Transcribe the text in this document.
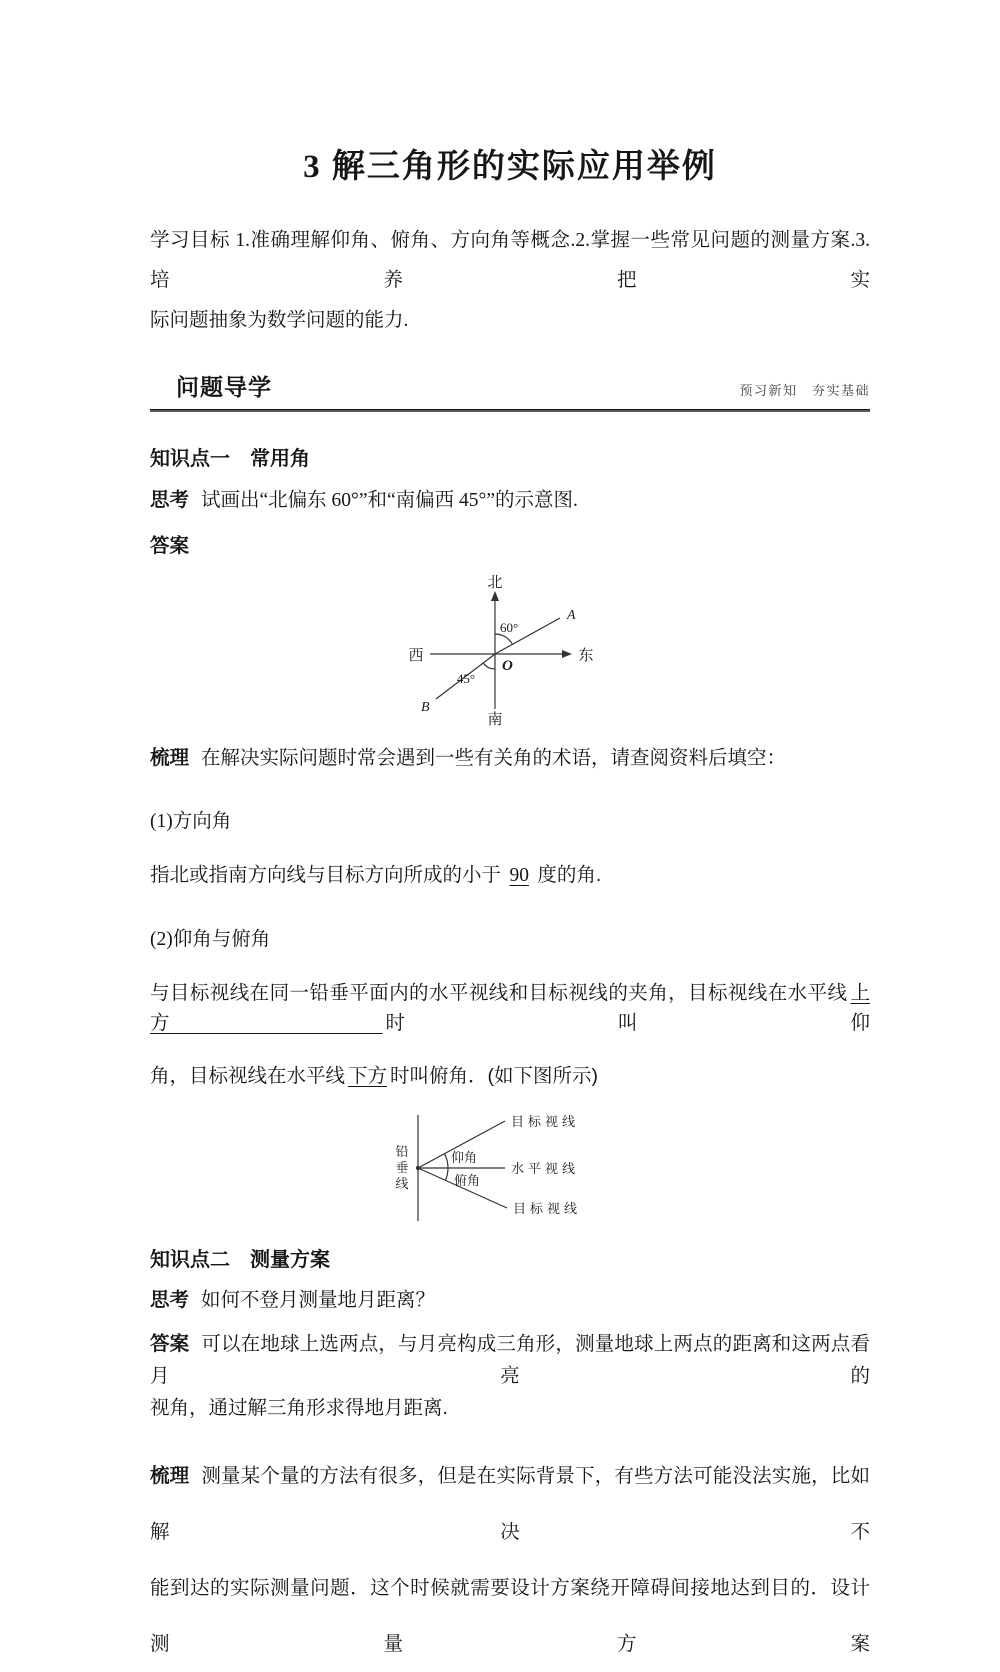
3 解三角形的实际应用举例
学习目标 1.准确理解仰角、俯角、方向角等概念.2.掌握一些常见问题的测量方案.3.培养把实
际问题抽象为数学问题的能力.
问题导学	预习新知　夯实基础
知识点一　常用角
思考 试画出“北偏东 60°”和“南偏西 45°”的示意图.
答案
北
南
西	东
A
B
O
60°
45°
梳理 在解决实际问题时常会遇到一些有关角的术语，请查阅资料后填空：
(1)方向角
指北或指南方向线与目标方向所成的小于 90 度的角.
(2)仰角与俯角
与目标视线在同一铅垂平面内的水平视线和目标视线的夹角，目标视线在水平线 上方 时叫仰
角，目标视线在水平线 下方 时叫俯角．(如下图所示)
铅
垂
线
目标视线
水平视线
目标视线
仰角
俯角
知识点二　测量方案
思考 如何不登月测量地月距离？
答案 可以在地球上选两点，与月亮构成三角形，测量地球上两点的距离和这两点看月亮的
视角，通过解三角形求得地月距离.
梳理 测量某个量的方法有很多，但是在实际背景下，有些方法可能没法实施，比如解决不
能到达的实际测量问题．这个时候就需要设计方案绕开障碍间接地达到目的．设计测量方案
